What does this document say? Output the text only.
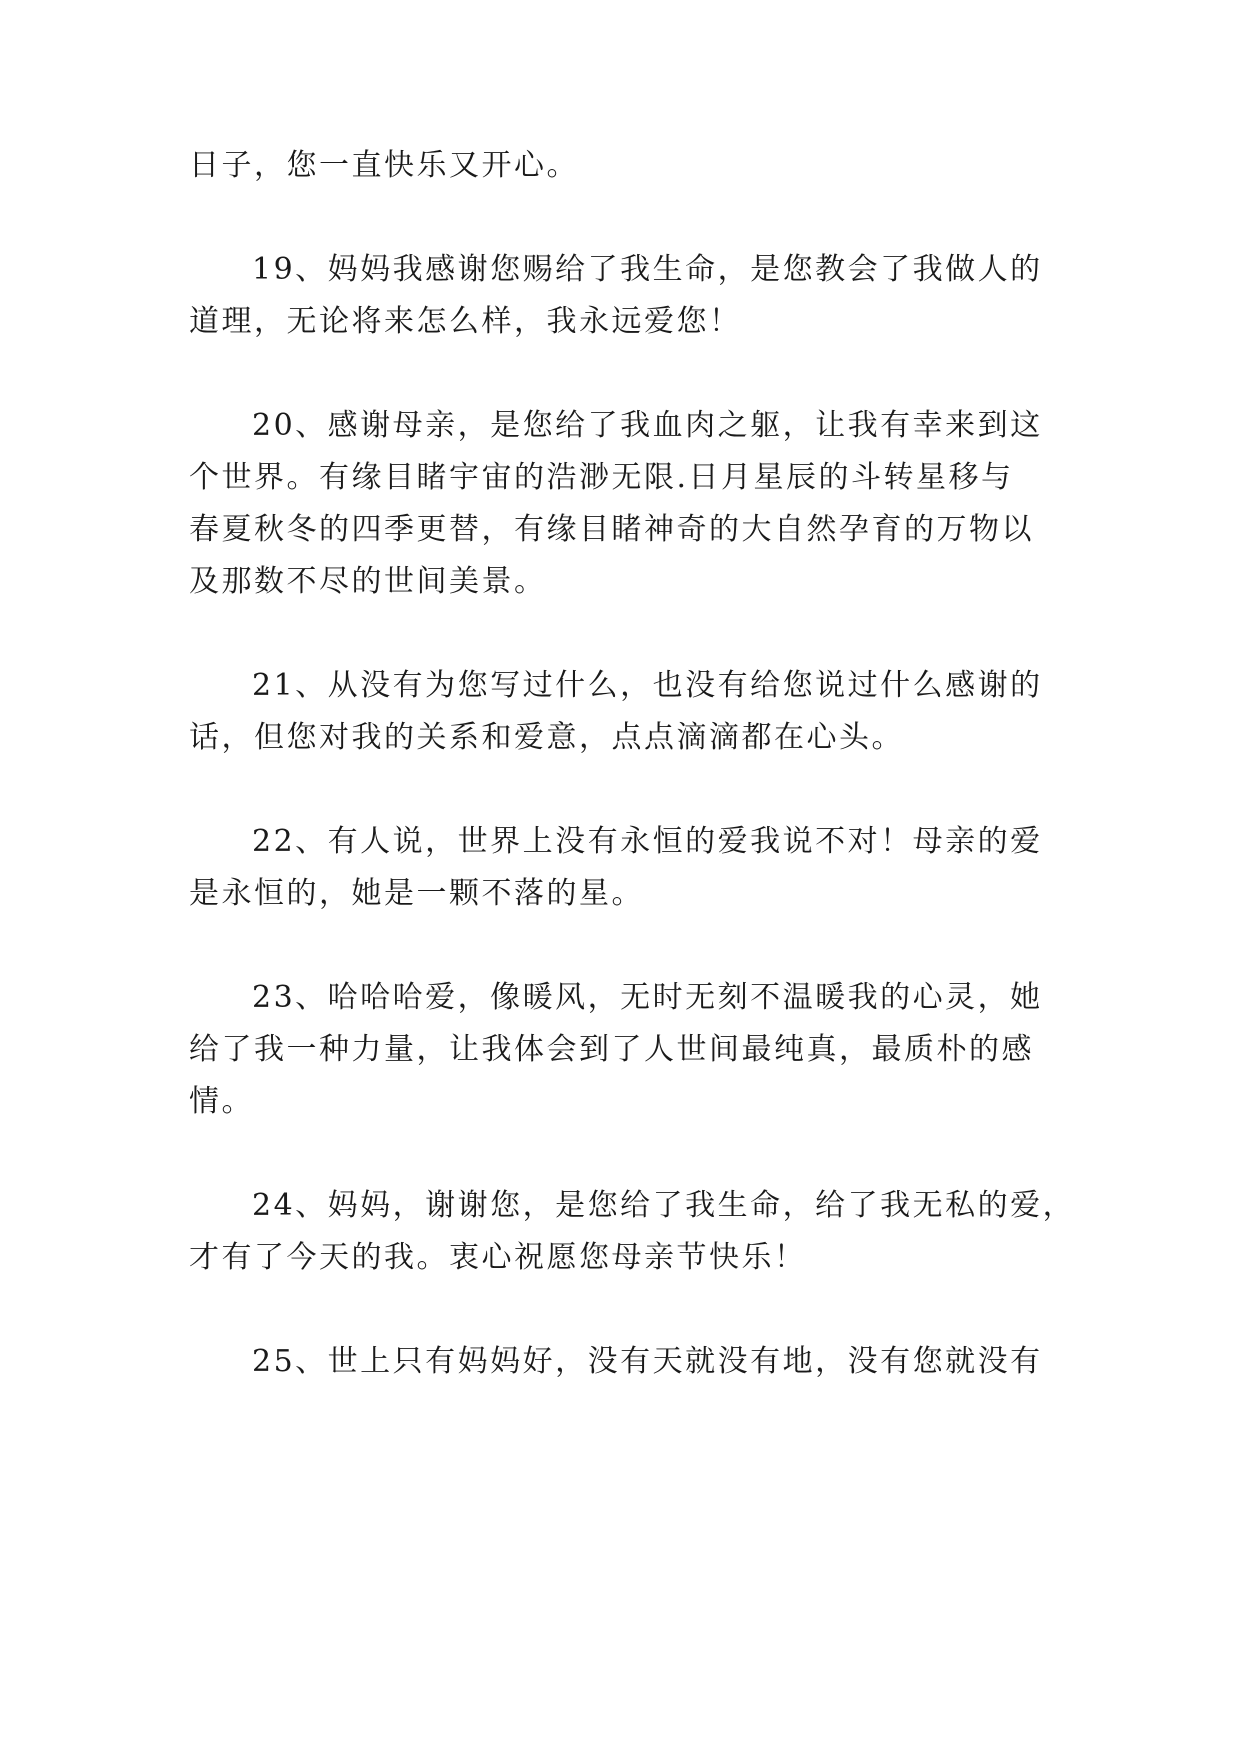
日子，您一直快乐又开心。
19、妈妈我感谢您赐给了我生命，是您教会了我做人的
道理，无论将来怎么样，我永远爱您！
20、感谢母亲，是您给了我血肉之躯，让我有幸来到这
个世界。有缘目睹宇宙的浩渺无限.日月星辰的斗转星移与
春夏秋冬的四季更替，有缘目睹神奇的大自然孕育的万物以
及那数不尽的世间美景。
21、从没有为您写过什么，也没有给您说过什么感谢的
话，但您对我的关系和爱意，点点滴滴都在心头。
22、有人说，世界上没有永恒的爱我说不对！母亲的爱
是永恒的，她是一颗不落的星。
23、哈哈哈爱，像暖风，无时无刻不温暖我的心灵，她
给了我一种力量，让我体会到了人世间最纯真，最质朴的感
情。
24、妈妈，谢谢您，是您给了我生命，给了我无私的爱，
才有了今天的我。衷心祝愿您母亲节快乐！
25、世上只有妈妈好，没有天就没有地，没有您就没有
